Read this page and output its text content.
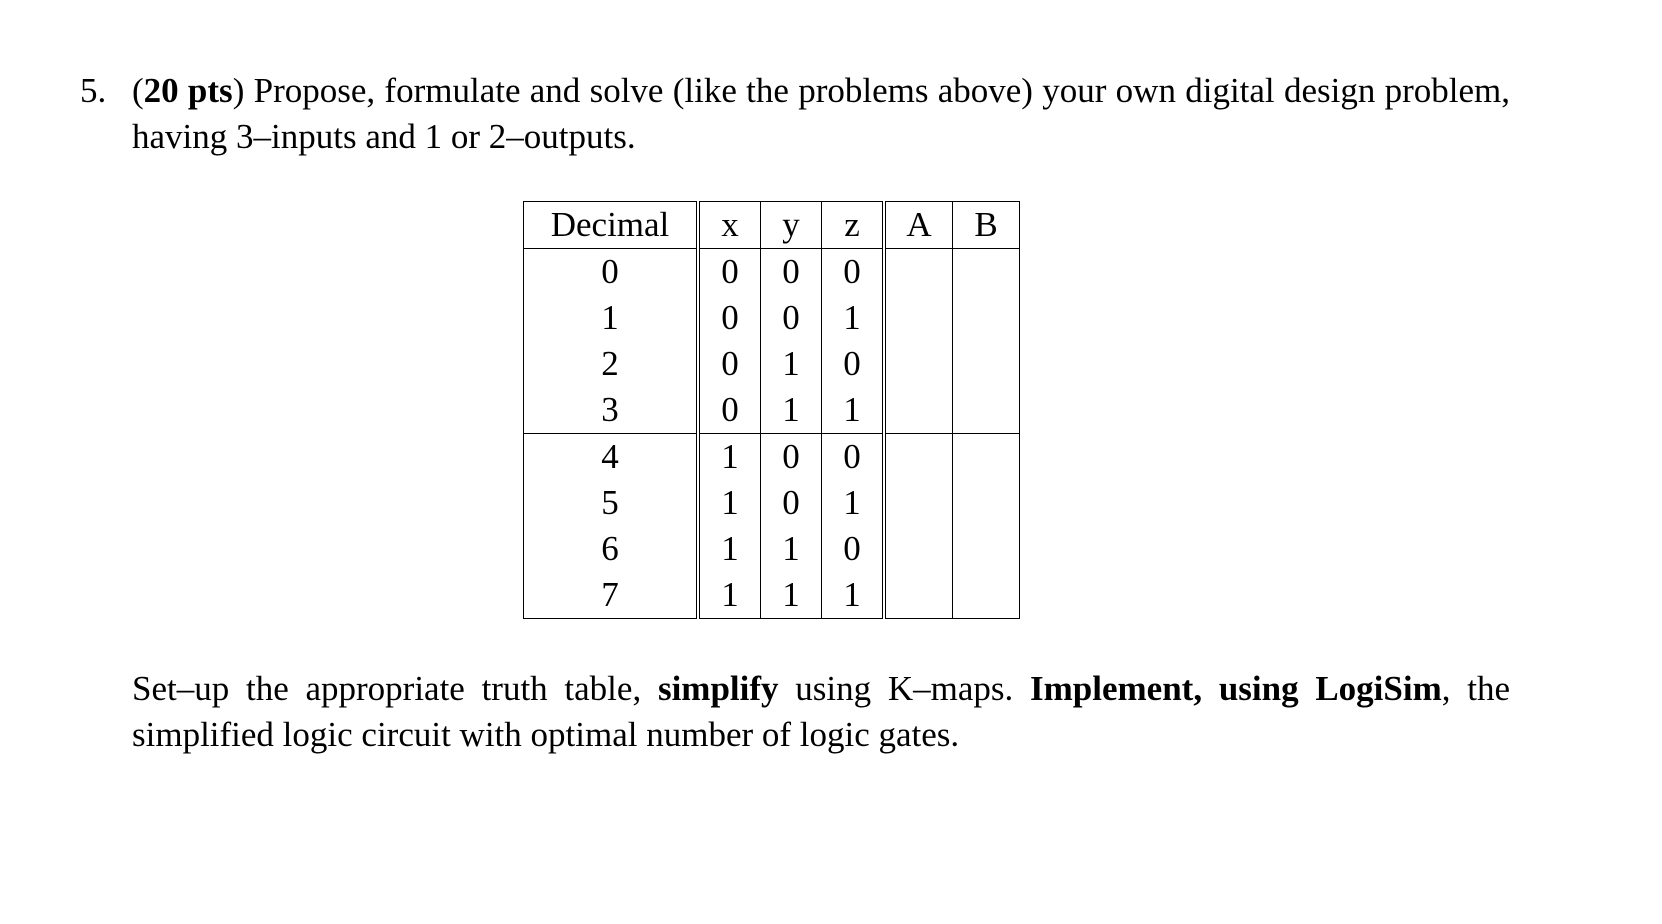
5. (20 pts) Propose, formulate and solve (like the problems above) your own digital design problem, having 3–inputs and 1 or 2–outputs.
Decimal	x	y	z	A	B
0	0	0	0		
1	0	0	1		
2	0	1	0		
3	0	1	1		
4	1	0	0		
5	1	0	1		
6	1	1	0		
7	1	1	1		
Set–up the appropriate truth table, simplify using K–maps. Implement, using LogiSim, the simplified logic circuit with optimal number of logic gates.
